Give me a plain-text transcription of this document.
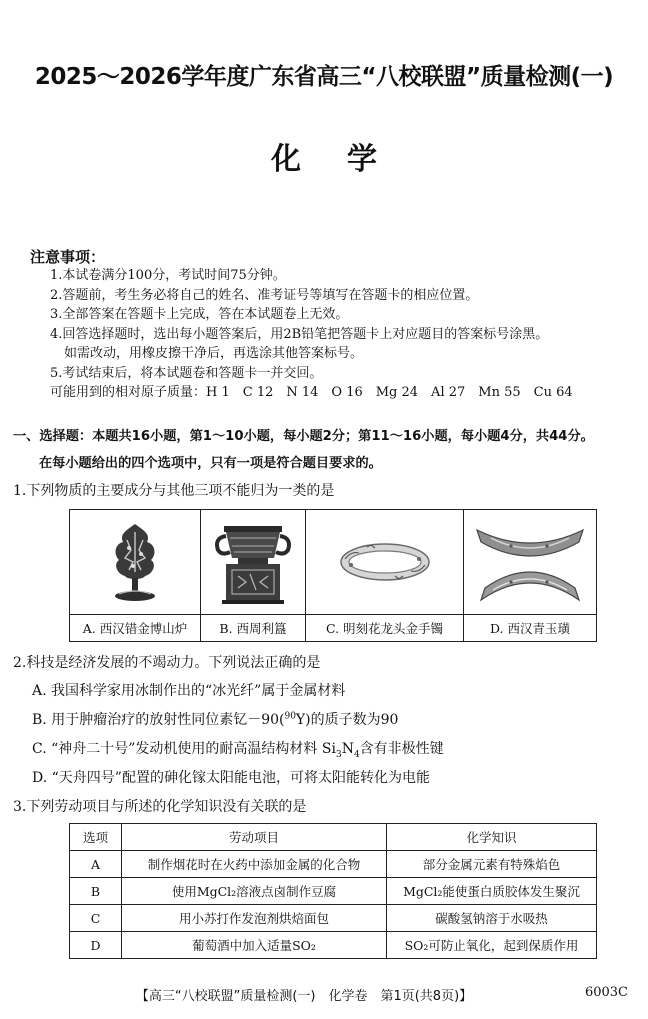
2025～2026学年度广东省高三“八校联盟”质量检测(一)
化学
注意事项：
1.本试卷满分100分，考试时间75分钟。
2.答题前，考生务必将自己的姓名、准考证号等填写在答题卡的相应位置。
3.全部答案在答题卡上完成，答在本试题卷上无效。
4.回答选择题时，选出每小题答案后，用2B铅笔把答题卡上对应题目的答案标号涂黑。
如需改动，用橡皮擦干净后，再选涂其他答案标号。
5.考试结束后，将本试题卷和答题卡一并交回。
可能用到的相对原子质量：H 1　C 12　N 14　O 16　Mg 24　Al 27　Mn 55　Cu 64
一、选择题：本题共16小题，第1～10小题，每小题2分；第11～16小题，每小题4分，共44分。
在每小题给出的四个选项中，只有一项是符合题目要求的。
1.下列物质的主要成分与其他三项不能归为一类的是

A. 西汉错金博山炉	B. 西周利簋	C. 明刻花龙头金手镯	D. 西汉青玉璜
2.科技是经济发展的不竭动力。下列说法正确的是
A. 我国科学家用冰制作出的“冰光纤”属于金属材料
B. 用于肿瘤治疗的放射性同位素钇－90($^{90}$Y)的质子数为90
C. “神舟二十号”发动机使用的耐高温结构材料 $Si_3N_4$含有非极性键
D. “天舟四号”配置的砷化镓太阳能电池，可将太阳能转化为电能
3.下列劳动项目与所述的化学知识没有关联的是
选项	劳动项目	化学知识
A	制作烟花时在火药中添加金属的化合物	部分金属元素有特殊焰色
B	使用MgCl₂溶液点卤制作豆腐	MgCl₂能使蛋白质胶体发生聚沉
C	用小苏打作发泡剂烘焙面包	碳酸氢钠溶于水吸热
D	葡萄酒中加入适量SO₂	SO₂可防止氧化，起到保质作用
【高三“八校联盟”质量检测(一)　化学卷　第1页(共8页)】	6003C
